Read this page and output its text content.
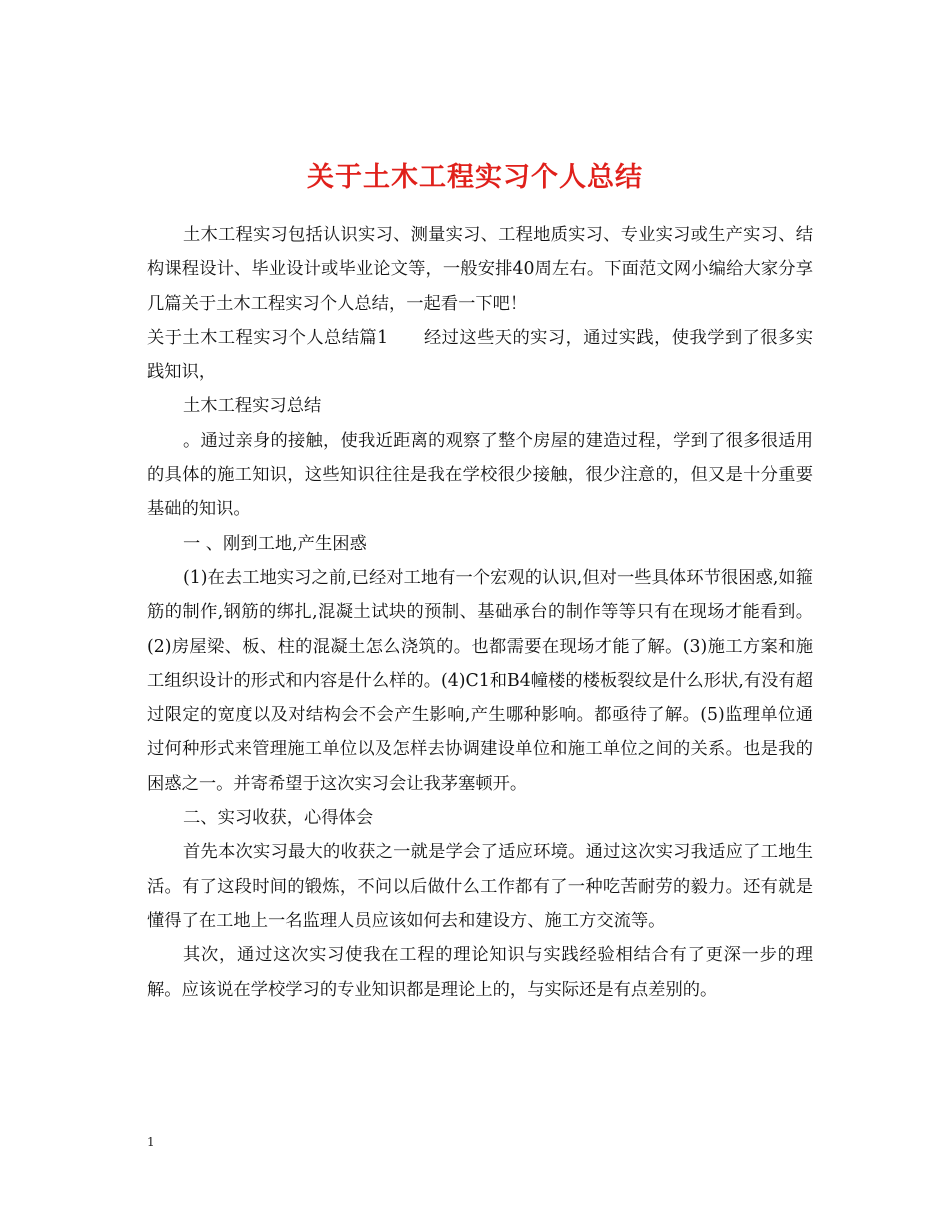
关于土木工程实习个人总结

土木工程实习包括认识实习、测量实习、工程地质实习、专业实习或生产实习、结构课程设计、毕业设计或毕业论文等，一般安排40周左右。下面范文网小编给大家分享几篇关于土木工程实习个人总结，一起看一下吧！

关于土木工程实习个人总结篇1　　经过这些天的实习，通过实践，使我学到了很多实践知识，

土木工程实习总结

。通过亲身的接触，使我近距离的观察了整个房屋的建造过程，学到了很多很适用的具体的施工知识，这些知识往往是我在学校很少接触，很少注意的，但又是十分重要基础的知识。

一 、刚到工地,产生困惑

(1)在去工地实习之前,已经对工地有一个宏观的认识,但对一些具体环节很困惑,如箍筋的制作,钢筋的绑扎,混凝土试块的预制、基础承台的制作等等只有在现场才能看到。(2)房屋梁、板、柱的混凝土怎么浇筑的。也都需要在现场才能了解。(3)施工方案和施工组织设计的形式和内容是什么样的。(4)C1和B4幢楼的楼板裂纹是什么形状,有没有超过限定的宽度以及对结构会不会产生影响,产生哪种影响。都亟待了解。(5)监理单位通过何种形式来管理施工单位以及怎样去协调建设单位和施工单位之间的关系。也是我的困惑之一。并寄希望于这次实习会让我茅塞顿开。

二、实习收获，心得体会

首先本次实习最大的收获之一就是学会了适应环境。通过这次实习我适应了工地生活。有了这段时间的锻炼，不问以后做什么工作都有了一种吃苦耐劳的毅力。还有就是懂得了在工地上一名监理人员应该如何去和建设方、施工方交流等。

其次，通过这次实习使我在工程的理论知识与实践经验相结合有了更深一步的理解。应该说在学校学习的专业知识都是理论上的，与实际还是有点差别的。

1
